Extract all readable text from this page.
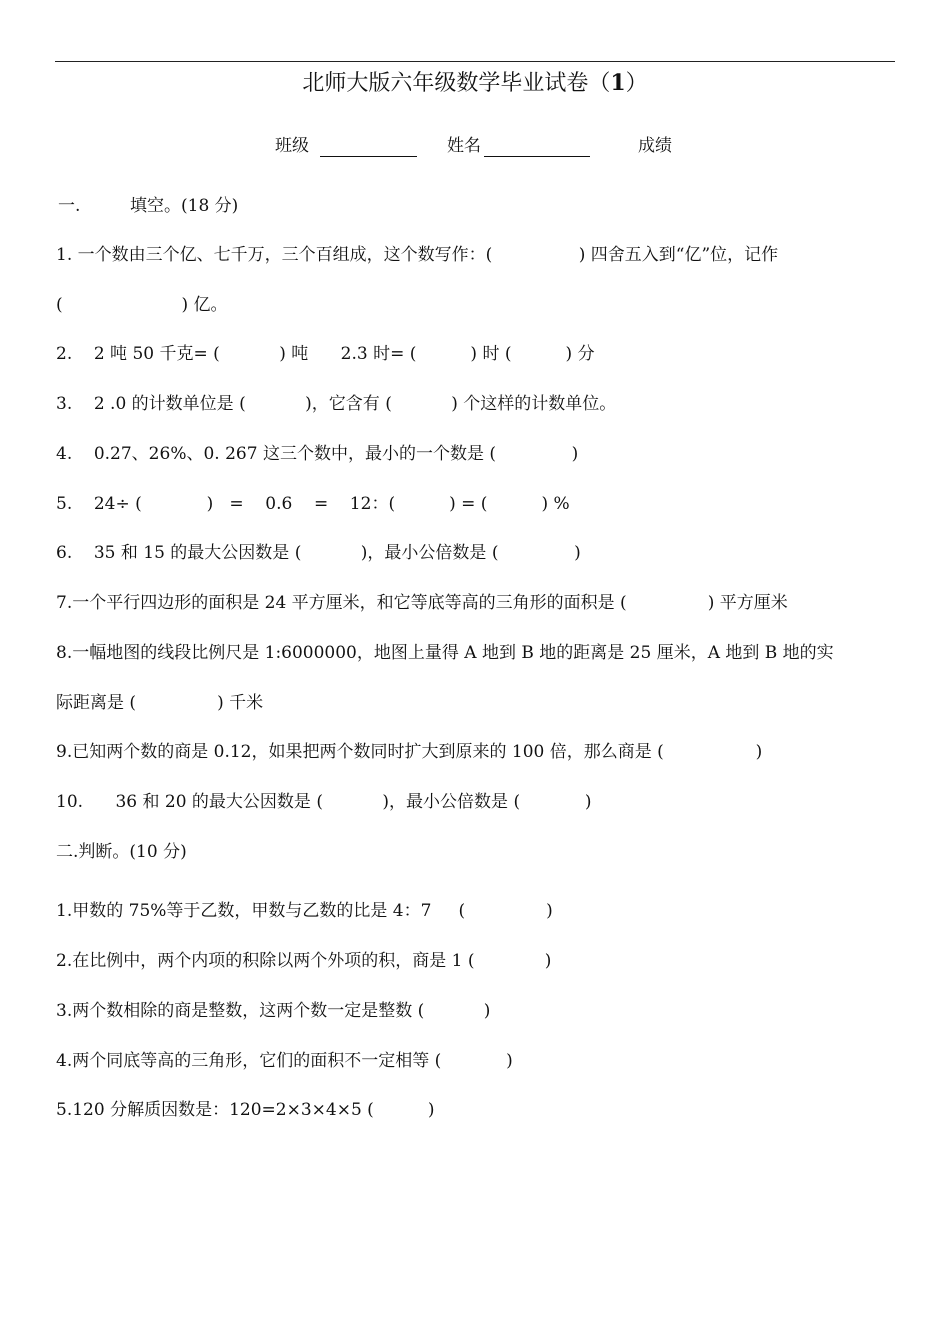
北师大版六年级数学毕业试卷（1）
班级	姓名	成绩
一.	填空。(18 分)
1. 一个数由三个亿、七千万，三个百组成，这个数写作：(                ) 四舍五入到“亿”位，记作
(                      ) 亿。
2.    2 吨 50 千克= (           ) 吨      2.3 时= (          ) 时 (          ) 分
3.    2 .0 的计数单位是 (           )，它含有 (           ) 个这样的计数单位。
4.    0.27、26%、0. 267 这三个数中，最小的一个数是 (              )
5.    24÷ (            )   =    0.6    =    12：(          ) = (          ) %
6.    35 和 15 的最大公因数是 (           )，最小公倍数是 (              )
7.一个平行四边形的面积是 24 平方厘米，和它等底等高的三角形的面积是 (               ) 平方厘米
8.一幅地图的线段比例尺是 1:6000000，地图上量得 A 地到 B 地的距离是 25 厘米，A 地到 B 地的实
际距离是 (               ) 千米
9.已知两个数的商是 0.12，如果把两个数同时扩大到原来的 100 倍，那么商是 (                 )
10.      36 和 20 的最大公因数是 (           )，最小公倍数是 (            )
二.判断。(10 分)
1.甲数的 75%等于乙数，甲数与乙数的比是 4：7     (               )
2.在比例中，两个内项的积除以两个外项的积，商是 1 (             )
3.两个数相除的商是整数，这两个数一定是整数 (           )
4.两个同底等高的三角形，它们的面积不一定相等 (            )
5.120 分解质因数是：120=2×3×4×5 (          )
